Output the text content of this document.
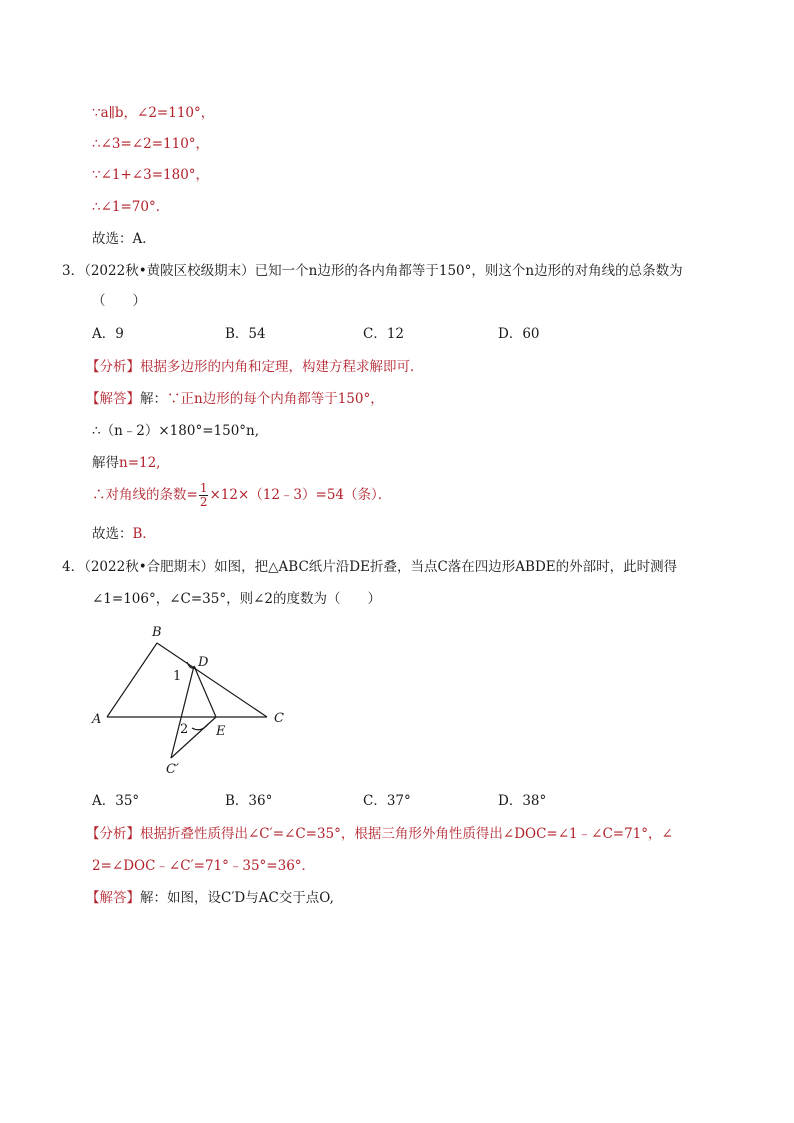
∵a∥b，∠2=110°，
∴∠3=∠2=110°，
∵∠1+∠3=180°，
∴∠1=70°．
故选：A．
3．（2022秋•黄陂区校级期末）已知一个n边形的各内角都等于150°，则这个n边形的对角线的总条数为
（　　）
A．9	B．54	C．12	D．60
【分析】根据多边形的内角和定理，构建方程求解即可．
【解答】解：∵正n边形的每个内角都等于150°，
∴（n﹣2）×180°=150°n,
解得n=12,
∴对角线的条数= $\frac{1}{2}$ ×12×（12﹣3）=54（条）．
故选：B．
4．（2022秋•合肥期末）如图，把△ABC纸片沿DE折叠，当点C落在四边形ABDE的外部时，此时测得
∠1=106°，∠C=35°，则∠2的度数为（　　）
B
A	C
D
E
C′
1
2
A．35°	B．36°	C．37°	D．38°
【分析】根据折叠性质得出∠C′=∠C=35°，根据三角形外角性质得出∠DOC=∠1﹣∠C=71°，∠
2=∠DOC﹣∠C′=71°﹣35°=36°．
【解答】解：如图，设C′D与AC交于点O,
